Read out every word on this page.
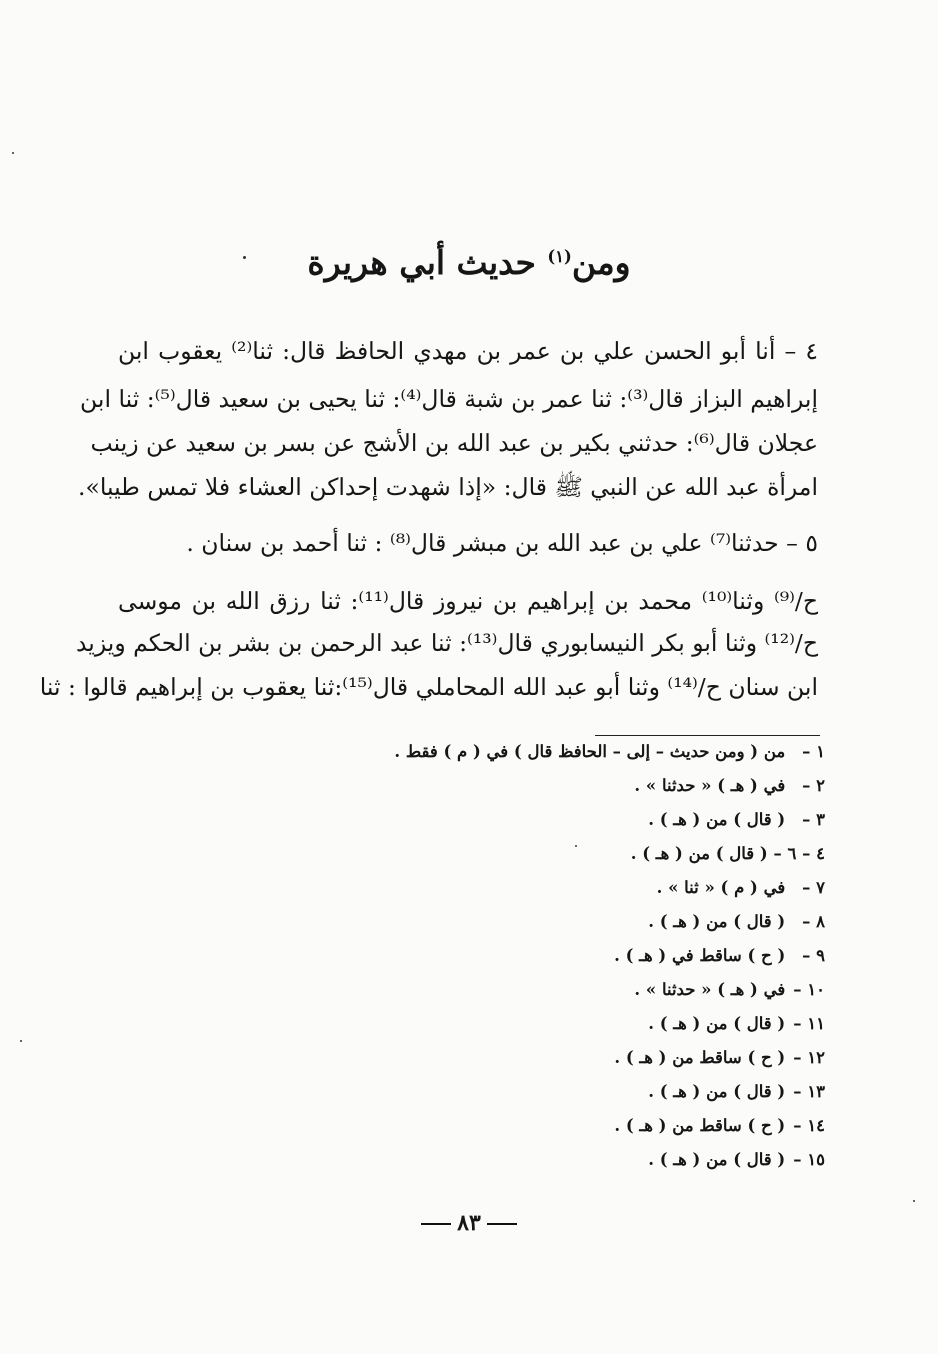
ومن$^{(١)}$ حديث أبي هريرة
٤ – أنا أبو الحسن علي بن عمر بن مهدي الحافظ قال: ثنا⁽²⁾ يعقوب ابن
إبراهيم البزاز قال⁽³⁾: ثنا عمر بن شبة قال⁽⁴⁾: ثنا يحيى بن سعيد قال⁽⁵⁾: ثنا ابن
عجلان قال⁽⁶⁾: حدثني بكير بن عبد الله بن الأشج عن بسر بن سعيد عن زينب
امرأة عبد الله عن النبي ﷺ قال: «إذا شهدت إحداكن العشاء فلا تمس طيبا».
٥ – حدثنا⁽⁷⁾ علي بن عبد الله بن مبشر قال⁽⁸⁾ : ثنا أحمد بن سنان .
ح/⁽⁹⁾ وثنا⁽¹⁰⁾ محمد بن إبراهيم بن نيروز قال⁽¹¹⁾: ثنا رزق الله بن موسى
ح/⁽¹²⁾ وثنا أبو بكر النيسابوري قال⁽¹³⁾: ثنا عبد الرحمن بن بشر بن الحكم ويزيد
ابن سنان ح/⁽¹⁴⁾ وثنا أبو عبد الله المحاملي قال⁽¹⁵⁾:ثنا يعقوب بن إبراهيم قالوا : ثنا
١ – من ( ومن حديث – إلى – الحافظ قال ) في ( م ) فقط .
٢ – في ( هـ ) « حدثنا » .
٣ – ( قال ) من ( هـ ) .
٤ – ٦ – ( قال ) من ( هـ ) .
٧ – في ( م ) « ثنا » .
٨ – ( قال ) من ( هـ ) .
٩ – ( ح ) ساقط في ( هـ ) .
١٠ – في ( هـ ) « حدثنا » .
١١ – ( قال ) من ( هـ ) .
١٢ – ( ح ) ساقط من ( هـ ) .
١٣ – ( قال ) من ( هـ ) .
١٤ – ( ح ) ساقط من ( هـ ) .
١٥ – ( قال ) من ( هـ ) .
٨٣
